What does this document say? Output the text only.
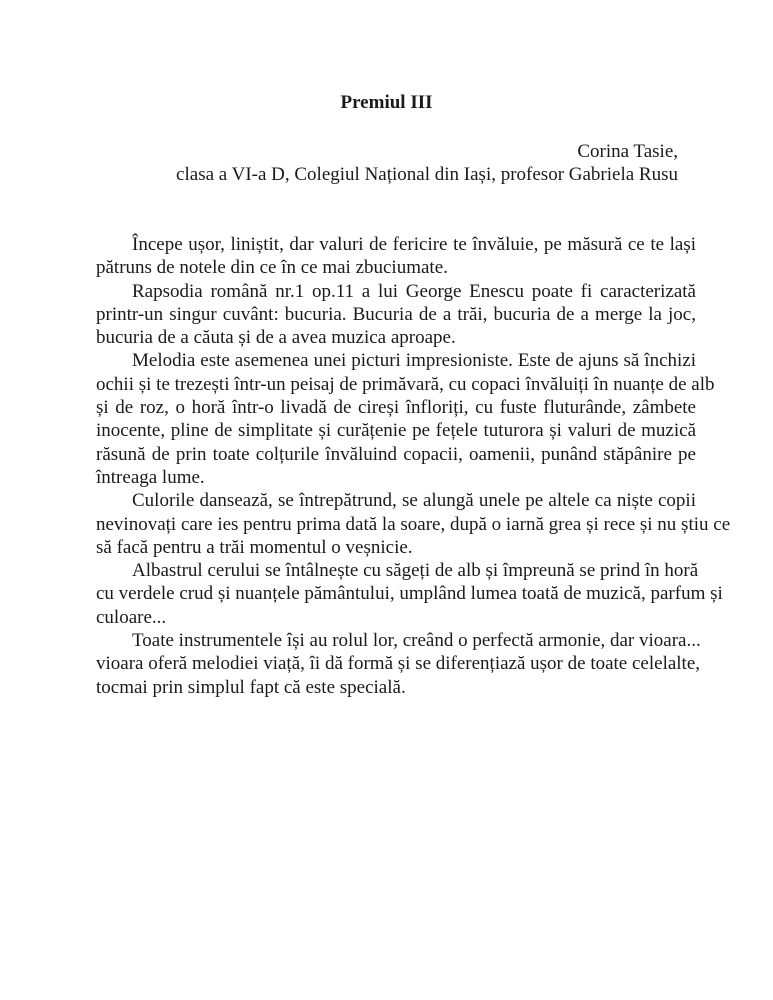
Premiul III
Corina Tasie,
clasa a VI-a D, Colegiul Național din Iași, profesor Gabriela Rusu

Începe ușor, liniștit, dar valuri de fericire te învăluie, pe măsură ce te lași
pătruns de notele din ce în ce mai zbuciumate.

Rapsodia română nr.1 op.11 a lui George Enescu poate fi caracterizată
printr-un singur cuvânt: bucuria. Bucuria de a trăi, bucuria de a merge la joc,
bucuria de a căuta și de a avea muzica aproape.

Melodia este asemenea unei picturi impresioniste. Este de ajuns să închizi
ochii și te trezești într-un peisaj de primăvară, cu copaci învăluiți în nuanțe de alb
și de roz, o horă într-o livadă de cireși înfloriți, cu fuste fluturânde, zâmbete
inocente, pline de simplitate și curățenie pe fețele tuturora și valuri de muzică
răsună de prin toate colțurile învăluind copacii, oamenii, punând stăpânire pe
întreaga lume.

Culorile dansează, se întrepătrund, se alungă unele pe altele ca niște copii
nevinovați care ies pentru prima dată la soare, după o iarnă grea și rece și nu știu ce
să facă pentru a trăi momentul o veșnicie.

Albastrul cerului se întâlnește cu săgeți de alb și împreună se prind în horă
cu verdele crud și nuanțele pământului, umplând lumea toată de muzică, parfum și
culoare...

Toate instrumentele își au rolul lor, creând o perfectă armonie, dar vioara...
vioara oferă melodiei viață, îi dă formă și se diferențiază ușor de toate celelalte,
tocmai prin simplul fapt că este specială.
